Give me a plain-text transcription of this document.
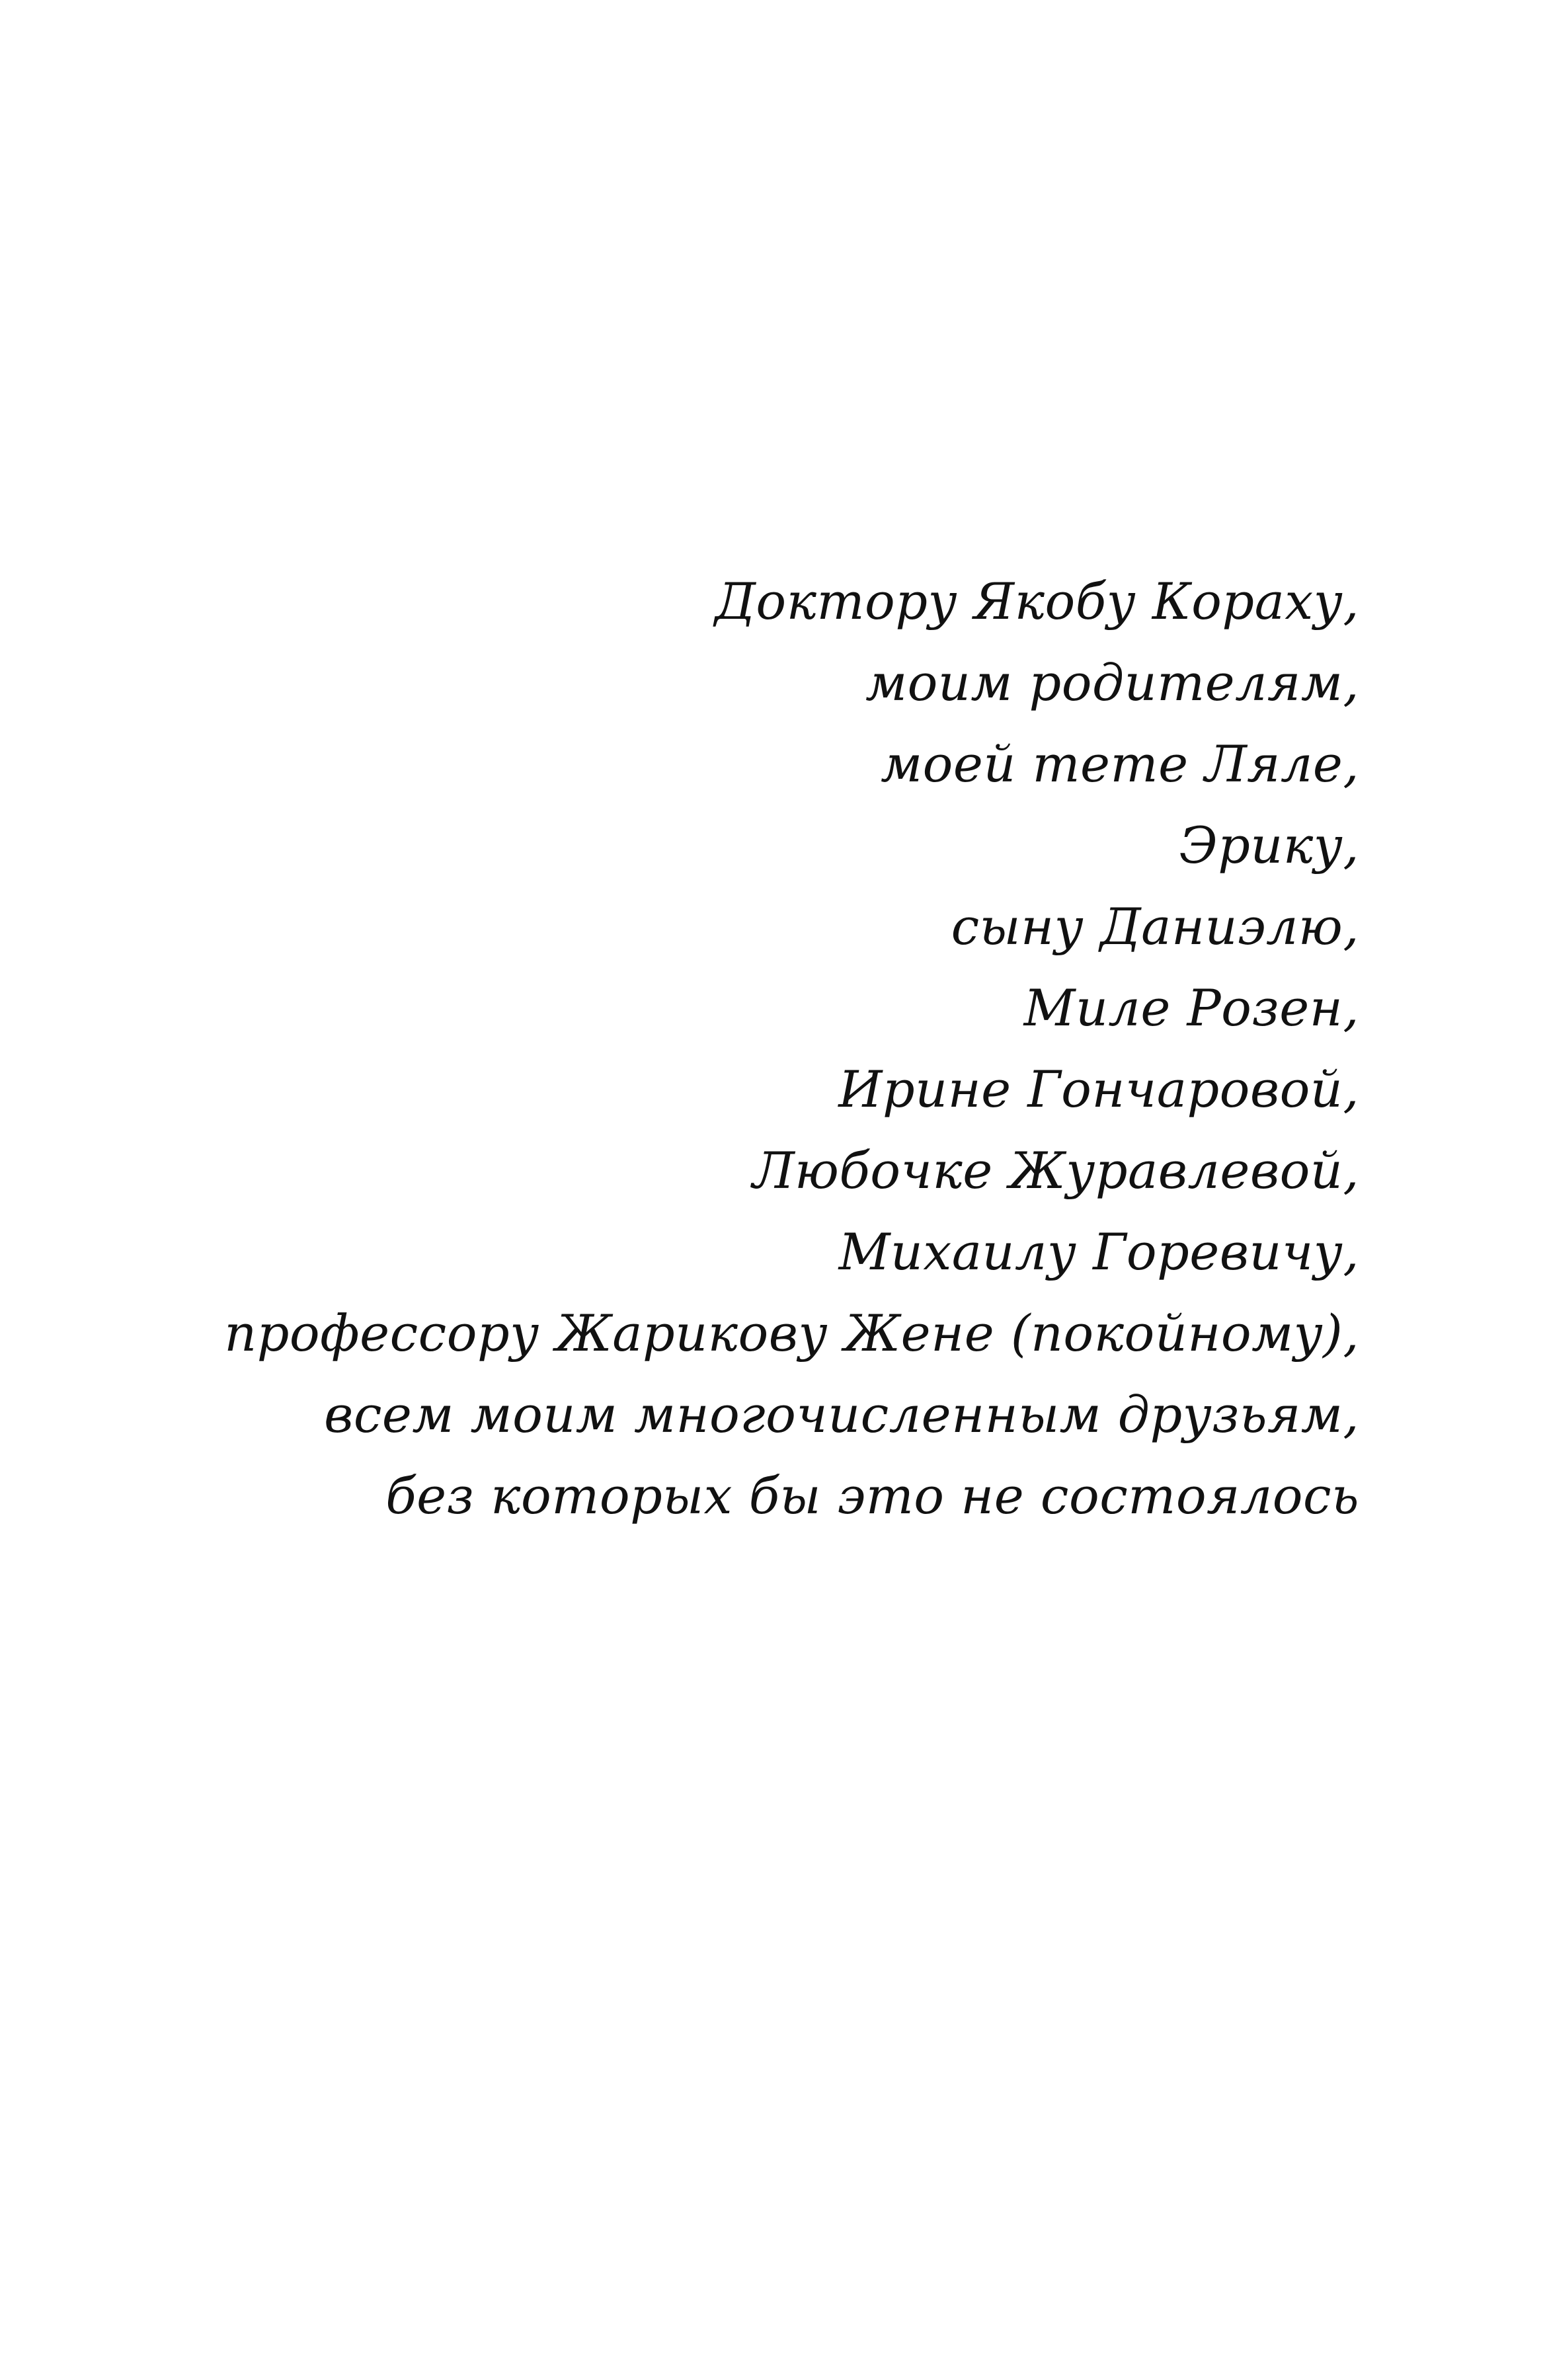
Доктору Якобу Кораху,
моим родителям,
моей тете Ляле,
Эрику,
сыну Даниэлю,
Миле Розен,
Ирине Гончаровой,
Любочке Журавлевой,
Михаилу Горевичу,
профессору Жарикову Жене (покойному),
всем моим многочисленным друзьям,
без которых бы это не состоялось
